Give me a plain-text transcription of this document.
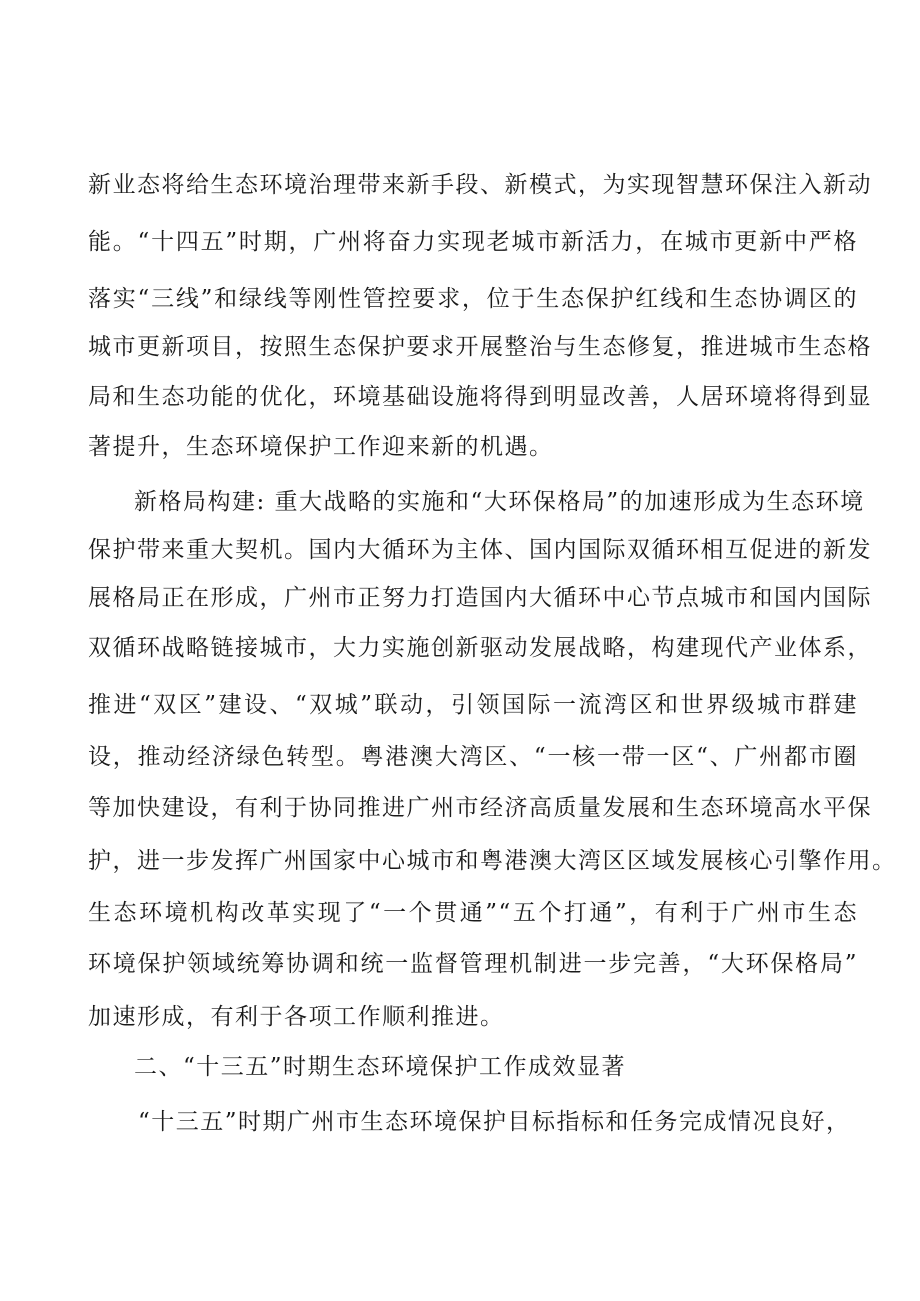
新业态将给生态环境治理带来新手段、新模式，为实现智慧环保注入新动
能。“十四五”时期，广州将奋力实现老城市新活力，在城市更新中严格
落实“三线”和绿线等刚性管控要求，位于生态保护红线和生态协调区的
城市更新项目，按照生态保护要求开展整治与生态修复，推进城市生态格
局和生态功能的优化，环境基础设施将得到明显改善，人居环境将得到显
著提升，生态环境保护工作迎来新的机遇。
新格局构建: 重大战略的实施和“大环保格局”的加速形成为生态环境
保护带来重大契机。国内大循环为主体、国内国际双循环相互促进的新发
展格局正在形成，广州市正努力打造国内大循环中心节点城市和国内国际
双循环战略链接城市，大力实施创新驱动发展战略，构建现代产业体系，
推进“双区”建设、“双城”联动，引领国际一流湾区和世界级城市群建
设，推动经济绿色转型。粤港澳大湾区、“一核一带一区“、广州都市圈
等加快建设，有利于协同推进广州市经济高质量发展和生态环境高水平保
护，进一步发挥广州国家中心城市和粤港澳大湾区区域发展核心引擎作用。
生态环境机构改革实现了“一个贯通”“五个打通”，有利于广州市生态
环境保护领域统筹协调和统一监督管理机制进一步完善，“大环保格局”
加速形成，有利于各项工作顺利推进。
二、“十三五”时期生态环境保护工作成效显著
“十三五”时期广州市生态环境保护目标指标和任务完成情况良好，
